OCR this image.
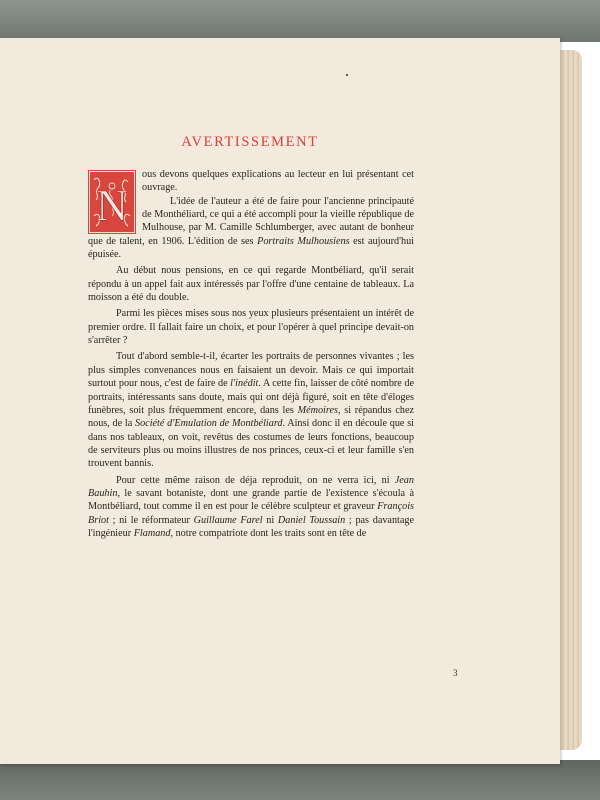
AVERTISSEMENT
N

ous devons quelques explications au lecteur en lui présentant cet ouvrage.

L'idée de l'auteur a été de faire pour l'ancienne principauté de Monthéliard, ce qui a été accompli pour la vieille république de Mulhouse, par M. Camille Schlumberger, avec autant de bonheur que de talent, en 1906. L'édition de ses Portraits Mulhousiens est aujourd'hui épuisée.

Au début nous pensions, en ce qui regarde Montbéliard, qu'il serait répondu à un appel fait aux intéressés par l'offre d'une centaine de tableaux. La moisson a été du double.

Parmi les pièces mises sous nos yeux plusieurs présentaient un intérêt de premier ordre. Il fallait faire un choix, et pour l'opérer à quel principe devait-on s'arrêter ?

Tout d'abord semble-t-il, écarter les portraits de personnes vivantes ; les plus simples convenances nous en faisaient un devoir. Mais ce qui importait surtout pour nous, c'est de faire de l'inédit. A cette fin, laisser de côté nombre de portraits, intéressants sans doute, mais qui ont déjà figuré, soit en tête d'éloges funèbres, soit plus fréquemment encore, dans les Mémoires, si répandus chez nous, de la Société d'Emulation de Montbéliard. Ainsi donc il en découle que si dans nos tableaux, on voit, revêtus des costumes de leurs fonctions, beaucoup de serviteurs plus ou moins illustres de nos princes, ceux-ci et leur famille s'en trouvent bannis.

Pour cette même raison de déja reproduit, on ne verra ici, ni Jean Bauhin, le savant botaniste, dont une grande partie de l'existence s'écoula à Montbéliard, tout comme il en est pour le célèbre sculpteur et graveur François Briot ; ni le réformateur Guillaume Farel ni Daniel Toussain ; pas davantage l'ingénieur Flamand, notre compatriote dont les traits sont en tête de

3
